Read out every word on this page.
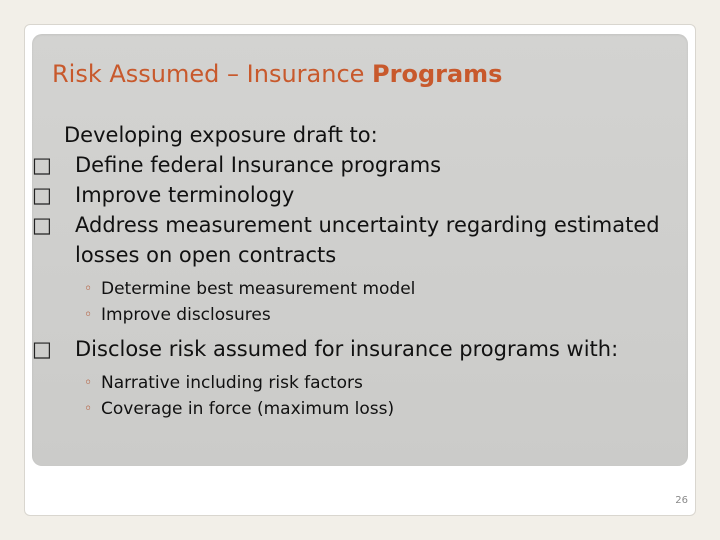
Risk Assumed – Insurance Programs
Developing exposure draft to:
□ Define federal Insurance programs
□ Improve terminology
□ Address measurement uncertainty regarding estimated losses on open contracts
◦ Determine best measurement model
◦ Improve disclosures
□ Disclose risk assumed for insurance programs with:
◦ Narrative including risk factors
◦ Coverage in force (maximum loss)
26
